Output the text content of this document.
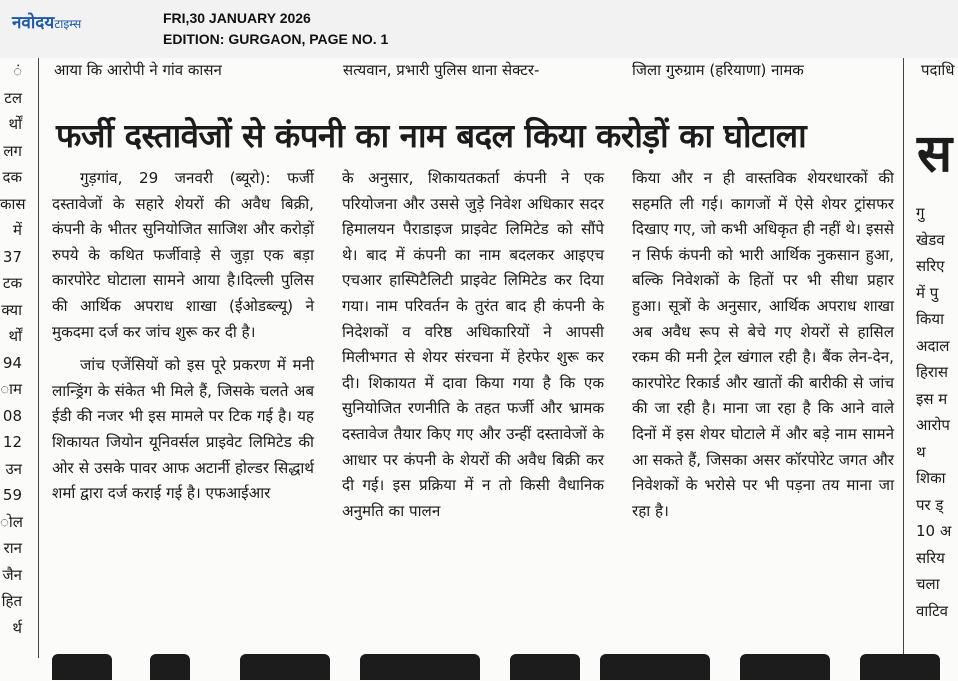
नवोदयटाइम्स	FRI,30 JANUARY 2026
EDITION: GURGAON, PAGE NO. 1
ं
टल
र्थों
लग
दक
कास
में
37
टक
क्या
र्थों
94
ाम
08
12
उन
59
ोल
रान
जैन
हित
र्थ
आया कि आरोपी ने गांव कासन	सत्यवान, प्रभारी पुलिस थाना सेक्टर-	जिला गुरुग्राम (हरियाणा) नामक	पदाधि
फर्जी दस्तावेजों से कंपनी का नाम बदल किया करोड़ों का घोटाला स

गुड़गांव, 29 जनवरी (ब्यूरो): फर्जी दस्तावेजों के सहारे शेयरों की अवैध बिक्री, कंपनी के भीतर सुनियोजित साजिश और करोड़ों रुपये के कथित फर्जीवाड़े से जुड़ा एक बड़ा कारपोरेट घोटाला सामने आया है।दिल्ली पुलिस की आर्थिक अपराध शाखा (ईओडब्ल्यू) ने मुकदमा दर्ज कर जांच शुरू कर दी है।

जांच एजेंसियों को इस पूरे प्रकरण में मनी लान्ड्रिंग के संकेत भी मिले हैं, जिसके चलते अब ईडी की नजर भी इस मामले पर टिक गई है। यह शिकायत जियोन यूनिवर्सल प्राइवेट लिमिटेड की ओर से उसके पावर आफ अटार्नी होल्डर सिद्धार्थ शर्मा द्वारा दर्ज कराई गई है। एफआईआर

के अनुसार, शिकायतकर्ता कंपनी ने एक परियोजना और उससे जुड़े निवेश अधिकार सदर हिमालयन पैराडाइज प्राइवेट लिमिटेड को सौंपे थे। बाद में कंपनी का नाम बदलकर आइएच एचआर हास्पिटैलिटी प्राइवेट लिमिटेड कर दिया गया। नाम परिवर्तन के तुरंत बाद ही कंपनी के निदेशकों व वरिष्ठ अधिकारियों ने आपसी मिलीभगत से शेयर संरचना में हेरफेर शुरू कर दी। शिकायत में दावा किया गया है कि एक सुनियोजित रणनीति के तहत फर्जी और भ्रामक दस्तावेज तैयार किए गए और उन्हीं दस्तावेजों के आधार पर कंपनी के शेयरों की अवैध बिक्री कर दी गई। इस प्रक्रिया में न तो किसी वैधानिक अनुमति का पालन

किया और न ही वास्तविक शेयरधारकों की सहमति ली गई। कागजों में ऐसे शेयर ट्रांसफर दिखाए गए, जो कभी अधिकृत ही नहीं थे। इससे न सिर्फ कंपनी को भारी आर्थिक नुकसान हुआ, बल्कि निवेशकों के हितों पर भी सीधा प्रहार हुआ। सूत्रों के अनुसार, आर्थिक अपराध शाखा अब अवैध रूप से बेचे गए शेयरों से हासिल रकम की मनी ट्रेल खंगाल रही है। बैंक लेन-देन, कारपोरेट रिकार्ड और खातों की बारीकी से जांच की जा रही है। माना जा रहा है कि आने वाले दिनों में इस शेयर घोटाले में और बड़े नाम सामने आ सकते हैं, जिसका असर कॉरपोरेट जगत और निवेशकों के भरोसे पर भी पड़ना तय माना जा रहा है।

गु
खेडव
सरिए
में पु
किया
अदाल
हिरास
इस म
आरोप
थ
शिका
पर ड्
10 अ
सरिय
चला
वाटिव
